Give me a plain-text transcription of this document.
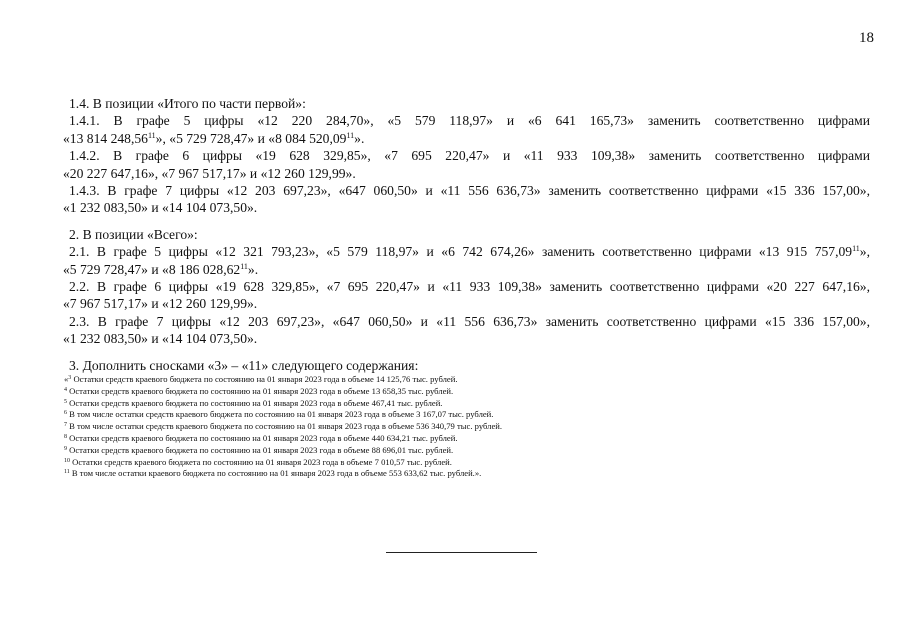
18
1.4. В позиции «Итого по части первой»:
1.4.1. В графе 5 цифры «12 220 284,70», «5 579 118,97» и «6 641 165,73» заменить соответственно цифрами
«13 814 248,56$^{11}$», «5 729 728,47» и «8 084 520,09$^{11}$».
1.4.2. В графе 6 цифры «19 628 329,85», «7 695 220,47» и «11 933 109,38» заменить соответственно цифрами
«20 227 647,16», «7 967 517,17» и «12 260 129,99».
1.4.3. В графе 7 цифры «12 203 697,23», «647 060,50» и «11 556 636,73» заменить соответственно цифрами «15 336 157,00»,
«1 232 083,50» и «14 104 073,50».
2. В позиции «Всего»:
2.1. В графе 5 цифры «12 321 793,23», «5 579 118,97» и «6 742 674,26» заменить соответственно цифрами «13 915 757,09$^{11}$»,
«5 729 728,47» и «8 186 028,62$^{11}$».
2.2. В графе 6 цифры «19 628 329,85», «7 695 220,47» и «11 933 109,38» заменить соответственно цифрами «20 227 647,16»,
«7 967 517,17» и «12 260 129,99».
2.3. В графе 7 цифры «12 203 697,23», «647 060,50» и «11 556 636,73» заменить соответственно цифрами «15 336 157,00»,
«1 232 083,50» и «14 104 073,50».
3. Дополнить сносками «3» – «11» следующего содержания:
«$^3$ Остатки средств краевого бюджета по состоянию на 01 января 2023 года в объеме 14 125,76 тыс. рублей.
$^4$ Остатки средств краевого бюджета по состоянию на 01 января 2023 года в объеме 13 658,35 тыс. рублей.
$^5$ Остатки средств краевого бюджета по состоянию на 01 января 2023 года в объеме 467,41 тыс. рублей.
$^6$ В том числе остатки средств краевого бюджета по состоянию на 01 января 2023 года в объеме 3 167,07 тыс. рублей.
$^7$ В том числе остатки средств краевого бюджета по состоянию на 01 января 2023 года в объеме 536 340,79 тыс. рублей.
$^8$ Остатки средств краевого бюджета по состоянию на 01 января 2023 года в объеме 440 634,21 тыс. рублей.
$^9$ Остатки средств краевого бюджета по состоянию на 01 января 2023 года в объеме 88 696,01 тыс. рублей.
$^{10}$ Остатки средств краевого бюджета по состоянию на 01 января 2023 года в объеме 7 010,57 тыс. рублей.
$^{11}$ В том числе остатки краевого бюджета по состоянию на 01 января 2023 года в объеме 553 633,62 тыс. рублей.».
